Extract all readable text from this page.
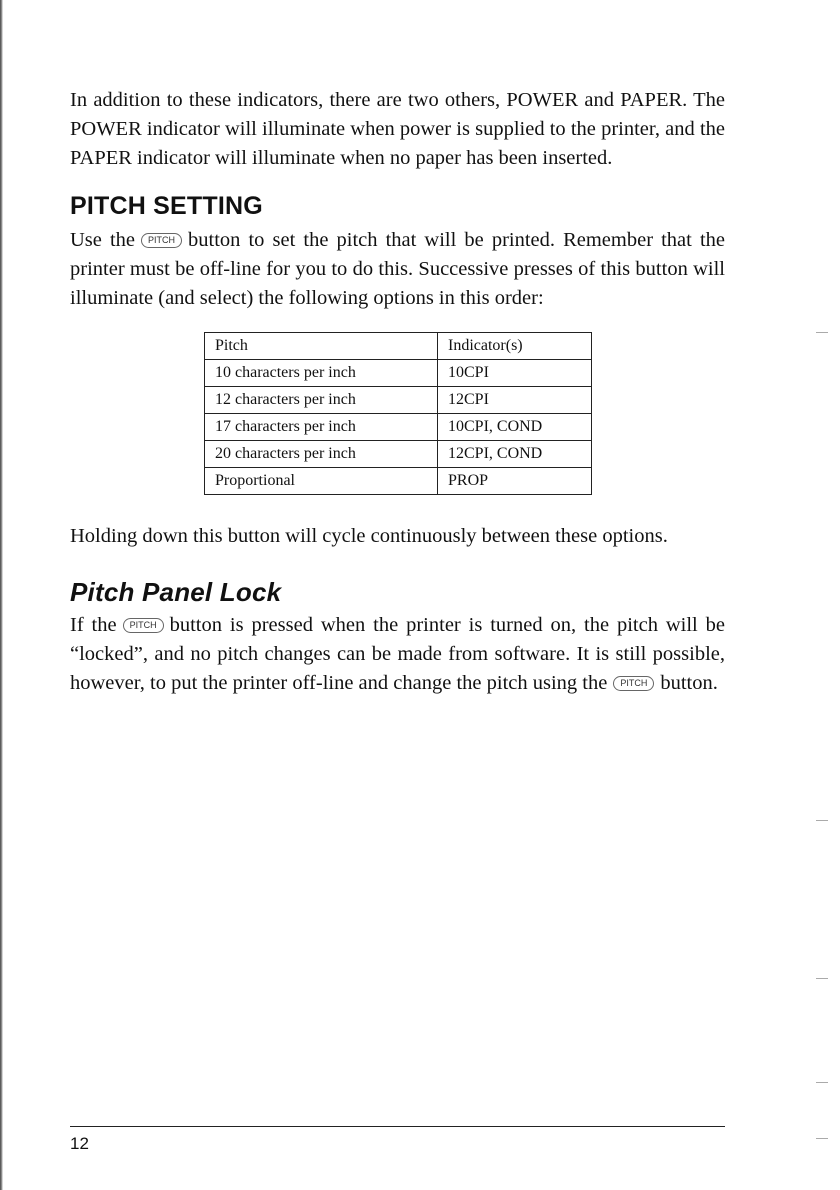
In addition to these indicators, there are two others, POWER and PAPER. The POWER indicator will illuminate when power is supplied to the printer, and the PAPER indicator will illuminate when no paper has been inserted.

PITCH SETTING

Use the PITCH button to set the pitch that will be printed. Remember that the printer must be off-line for you to do this. Successive presses of this button will illuminate (and select) the following options in this order:

Pitch	Indicator(s)
10 characters per inch	10CPI
12 characters per inch	12CPI
17 characters per inch	10CPI, COND
20 characters per inch	12CPI, COND
Proportional	PROP

Holding down this button will cycle continuously between these options.

Pitch Panel Lock

If the PITCH button is pressed when the printer is turned on, the pitch will be “locked”, and no pitch changes can be made from software. It is still possible, however, to put the printer off-line and change the pitch using the PITCH button.

12
